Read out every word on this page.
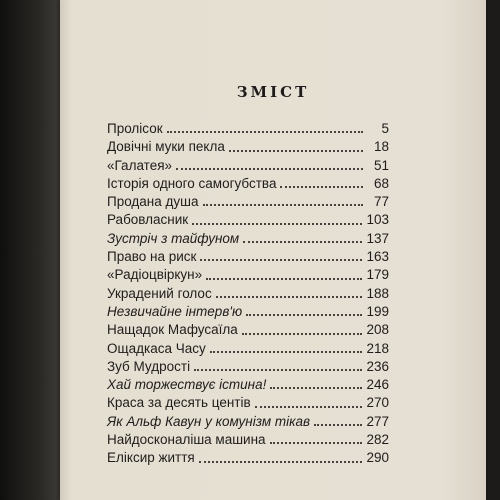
ЗМІСТ
Пролісок	5
Довічні муки пекла	18
«Галатея»	51
Історія одного самогубства	68
Продана душа	77
Рабовласник	103
Зустріч з тайфуном	137
Право на риск	163
«Радіоцвіркун»	179
Украдений голос	188
Незвичайне інтерв'ю	199
Нащадок Мафусаїла	208
Ощадкаса Часу	218
Зуб Мудрості	236
Хай торжествує істина!	246
Краса за десять центів	270
Як Альф Кавун у комунізм тікав	277
Найдосконаліша машина	282
Еліксир життя	290
